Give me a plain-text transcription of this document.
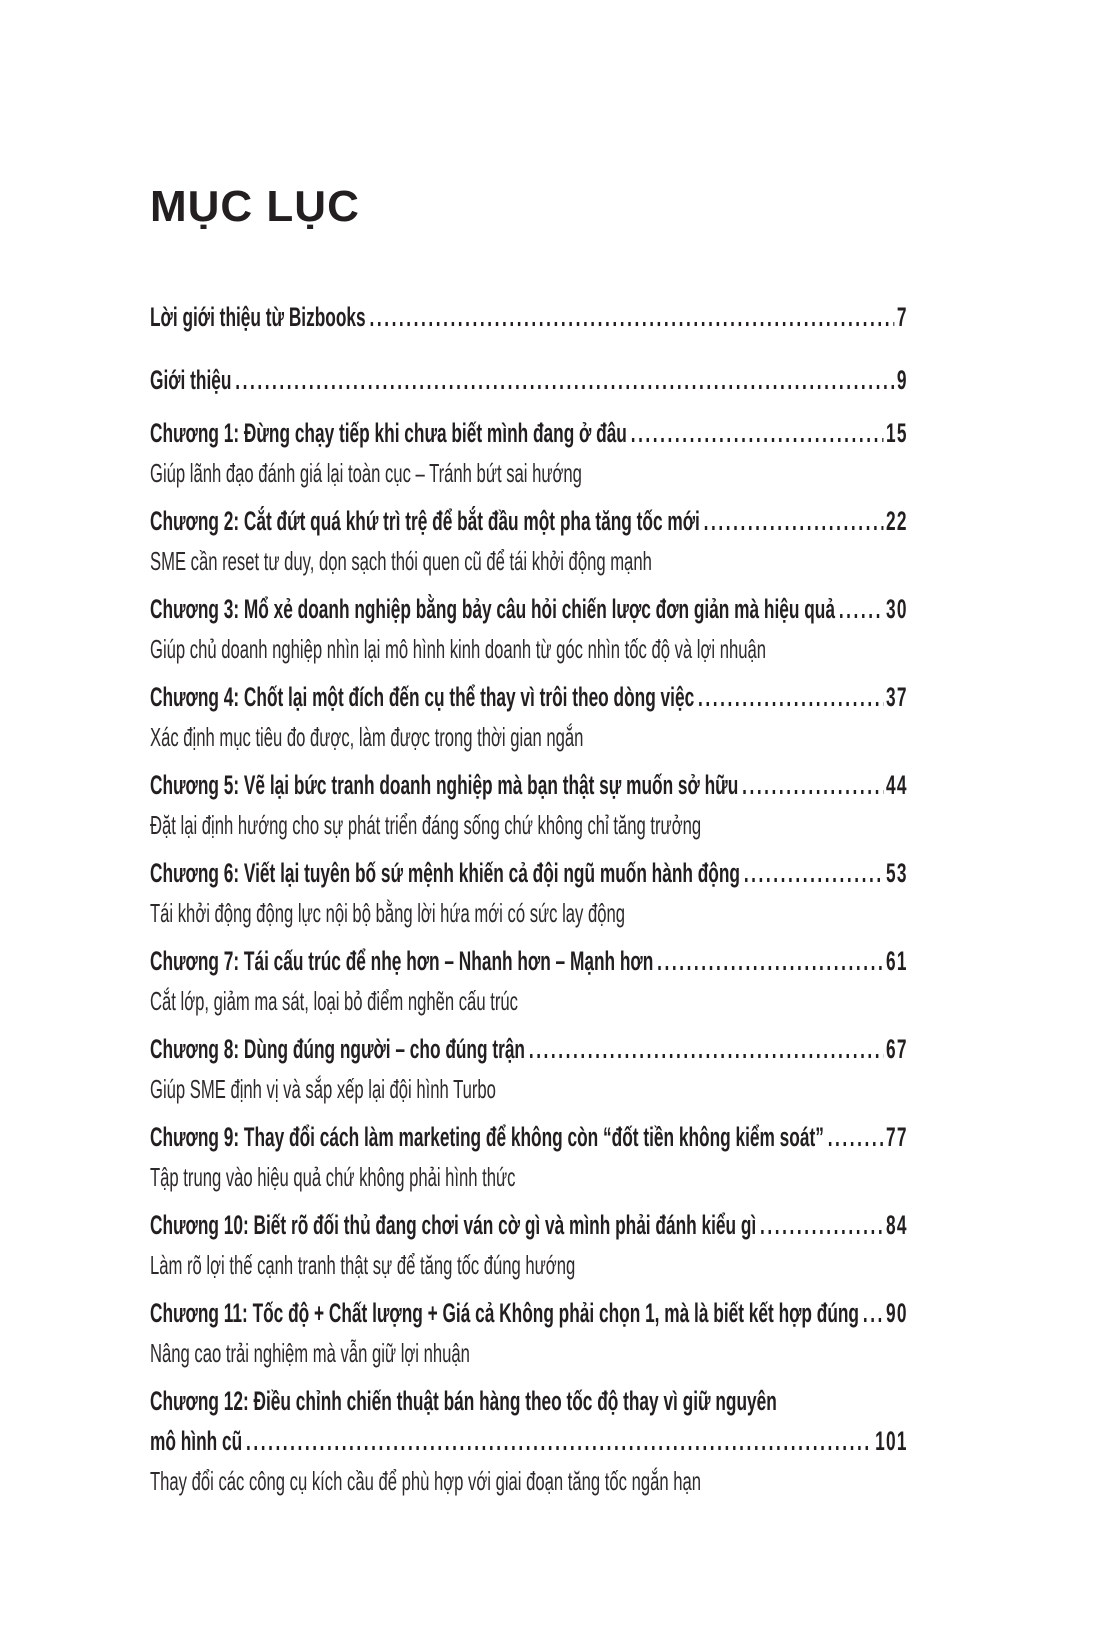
MỤC LỤC
Lời giới thiệu từ Bizbooks .....	7
Giới thiệu .....	9
Chương 1: Đừng chạy tiếp khi chưa biết mình đang ở đâu .....	15
Giúp lãnh đạo đánh giá lại toàn cục – Tránh bứt sai hướng
Chương 2: Cắt đứt quá khứ trì trệ để bắt đầu một pha tăng tốc mới .....	22
SME cần reset tư duy, dọn sạch thói quen cũ để tái khởi động mạnh
Chương 3: Mổ xẻ doanh nghiệp bằng bảy câu hỏi chiến lược đơn giản mà hiệu quả ..... 30
Giúp chủ doanh nghiệp nhìn lại mô hình kinh doanh từ góc nhìn tốc độ và lợi nhuận
Chương 4: Chốt lại một đích đến cụ thể thay vì trôi theo dòng việc .....	37
Xác định mục tiêu đo được, làm được trong thời gian ngắn
Chương 5: Vẽ lại bức tranh doanh nghiệp mà bạn thật sự muốn sở hữu .....	44
Đặt lại định hướng cho sự phát triển đáng sống chứ không chỉ tăng trưởng
Chương 6: Viết lại tuyên bố sứ mệnh khiến cả đội ngũ muốn hành động .....	53
Tái khởi động động lực nội bộ bằng lời hứa mới có sức lay động
Chương 7: Tái cấu trúc để nhẹ hơn – Nhanh hơn – Mạnh hơn .....	61
Cắt lớp, giảm ma sát, loại bỏ điểm nghẽn cấu trúc
Chương 8: Dùng đúng người – cho đúng trận .....	67
Giúp SME định vị và sắp xếp lại đội hình Turbo
Chương 9: Thay đổi cách làm marketing để không còn “đốt tiền không kiểm soát” ..... 77
Tập trung vào hiệu quả chứ không phải hình thức
Chương 10: Biết rõ đối thủ đang chơi ván cờ gì và mình phải đánh kiểu gì .....	84
Làm rõ lợi thế cạnh tranh thật sự để tăng tốc đúng hướng
Chương 11: Tốc độ + Chất lượng + Giá cả Không phải chọn 1, mà là biết kết hợp đúng ..... 90
Nâng cao trải nghiệm mà vẫn giữ lợi nhuận
Chương 12: Điều chỉnh chiến thuật bán hàng theo tốc độ thay vì giữ nguyên
mô hình cũ .....	101
Thay đổi các công cụ kích cầu để phù hợp với giai đoạn tăng tốc ngắn hạn
